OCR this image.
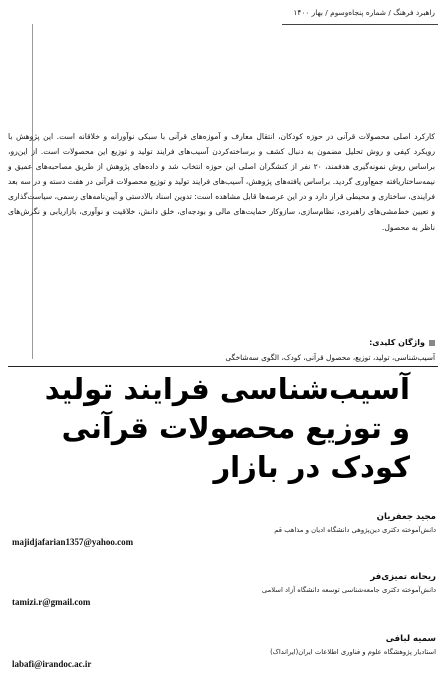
راهبرد فرهنگ / شماره پنجاه‌وسوم / بهار ۱۴۰۰

کارکرد اصلی محصولات قرآنی در حوزه کودکان، انتقال معارف و آموزه‌های قرآنی با سبکی نوآورانه و خلاقانه است. این پژوهش با رویکرد کیفی و روش تحلیل مضمون به دنبال کشف و برساخته‌کردن آسیب‌های فرایند تولید و توزیع این محصولات است. از این‌رو، براساس روش نمونه‌گیری هدفمند، ۲۰ نفر از کنشگران اصلی این حوزه انتخاب شد و داده‌های پژوهش از طریق مصاحبه‌های عمیق و نیمه‌ساختاریافته جمع‌آوری گردید. براساس یافته‌های پژوهش، آسیب‌های فرایند تولید و توزیع محصولات قرآنی در هفت دسته و در سه بعد فرایندی، ساختاری و محیطی قرار دارد و در این عرصه‌ها قابل مشاهده است: تدوین اسناد بالادستی و آیین‌نامه‌های رسمی، سیاست‌گذاری و تعیین خط‌مشی‌های راهبردی، نظام‌سازی، سازوکار حمایت‌های مالی و بودجه‌ای، خلق دانش، خلاقیت و نوآوری، بازاریابی و نگرش‌های ناظر به محصول.

واژگان کلیدی:
آسیب‌شناسی، تولید، توزیع، محصول قرآنی، کودک، الگوی سه‌شاخگی
آسیب‌شناسی فرایند تولید
و توزیع محصولات قرآنی
کودک در بازار
مجید جعفریان
دانش‌آموخته دکتری دین‌پژوهی دانشگاه ادیان و مذاهب قم
majidjafarian1357@yahoo.com
ریحانه تمیزی‌فر
دانش‌آموخته دکتری جامعه‌شناسی توسعه دانشگاه آزاد اسلامی
tamizi.r@gmail.com
سمیه لبافی
استادیار پژوهشگاه علوم و فناوری اطلاعات ایران(ایرانداک)
labafi@irandoc.ac.ir
